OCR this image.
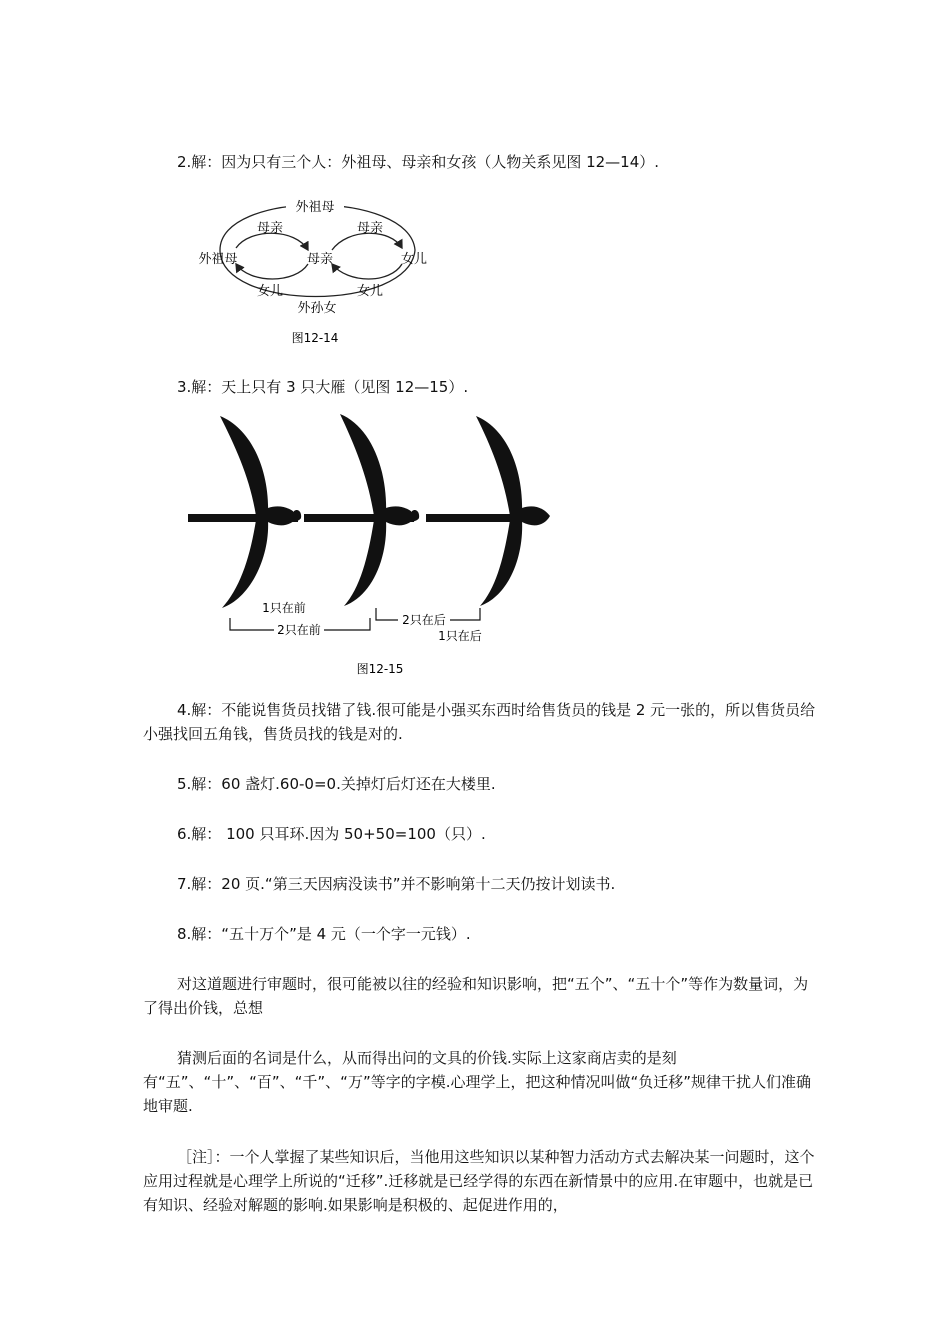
2.解：因为只有三个人：外祖母、母亲和女孩（人物关系见图 12—14）.

外祖母
母亲	母亲
外祖母	母亲	女儿
女儿	女儿
外孙女
图12-14

3.解：天上只有 3 只大雁（见图 12—15）.

1只在前
2只在前
2只在后
1只在后
图12-15

4.解：不能说售货员找错了钱.很可能是小强买东西时给售货员的钱是 2 元一张的，所以售货员给小强找回五角钱，售货员找的钱是对的.

5.解：60 盏灯.60-0=0.关掉灯后灯还在大楼里.

6.解： 100 只耳环.因为 50+50=100（只）.

7.解：20 页.“第三天因病没读书”并不影响第十二天仍按计划读书.

8.解：“五十万个”是 4 元（一个字一元钱）.

对这道题进行审题时，很可能被以往的经验和知识影响，把“五个”、“五十个”等作为数量词，为了得出价钱，总想

猜测后面的名词是什么，从而得出问的文具的价钱.实际上这家商店卖的是刻有“五”、“十”、“百”、“千”、“万”等字的字模.心理学上，把这种情况叫做“负迁移”规律干扰人们准确地审题.

［注］：一个人掌握了某些知识后，当他用这些知识以某种智力活动方式去解决某一问题时，这个应用过程就是心理学上所说的“迁移”.迁移就是已经学得的东西在新情景中的应用.在审题中，也就是已有知识、经验对解题的影响.如果影响是积极的、起促进作用的，
